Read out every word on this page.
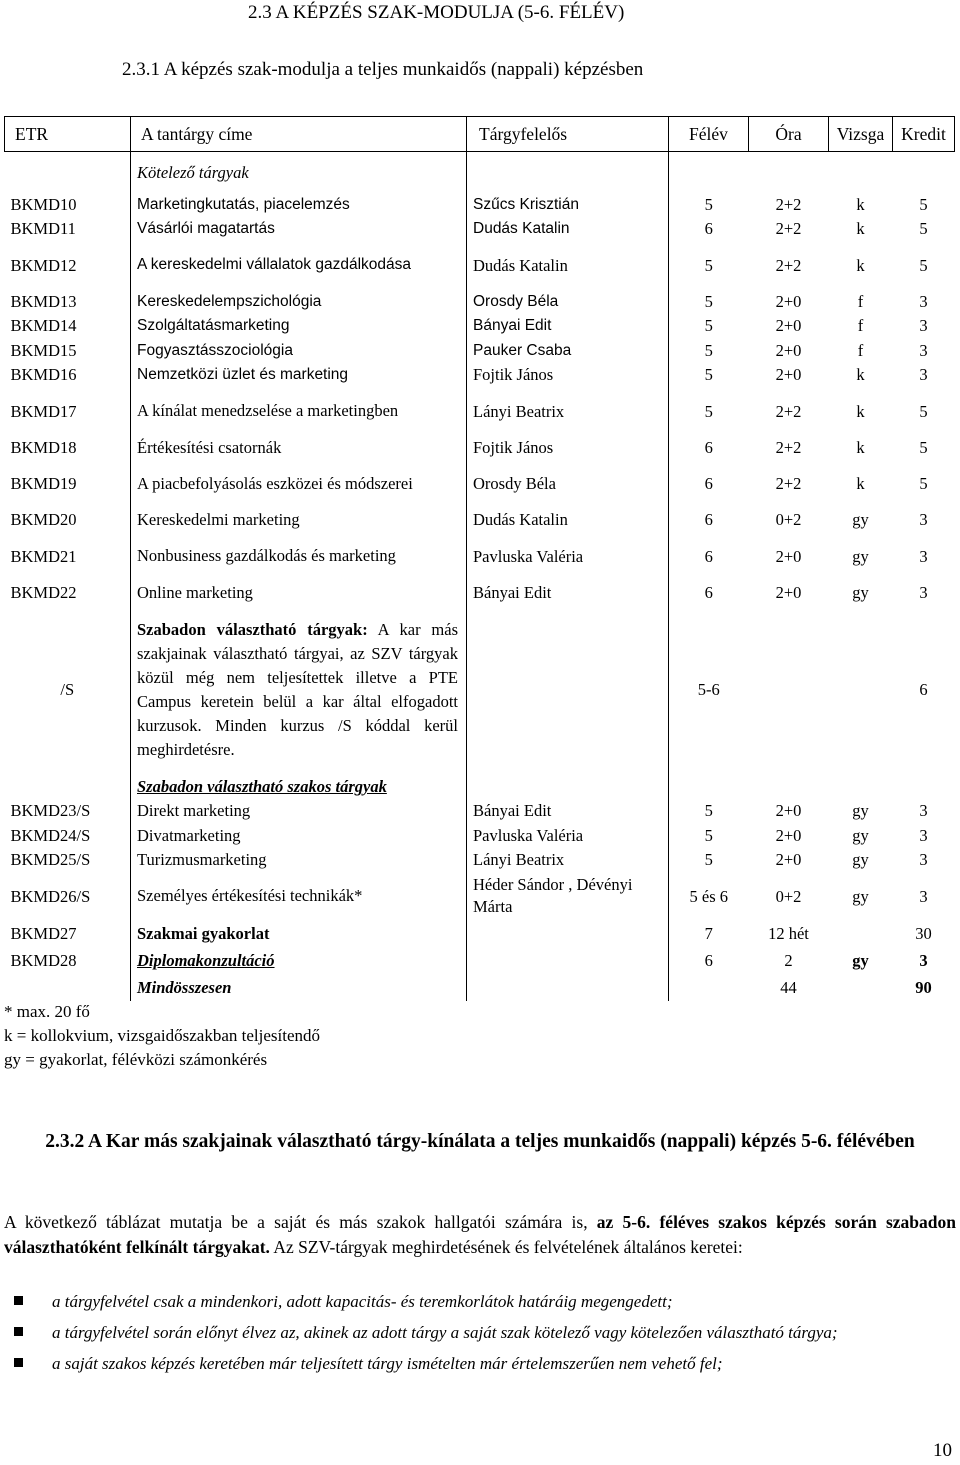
2.3 A KÉPZÉS SZAK-MODULJA (5-6. FÉLÉV)
2.3.1 A képzés szak-modulja a teljes munkaidős (nappali) képzésben
ETR	A tantárgy címe	Tárgyfelelős	Félév	Óra	Vizsga	Kredit
	Kötelező tárgyak					
BKMD10	Marketingkutatás, piacelemzés	Szűcs Krisztián	5	2+2	k	5
BKMD11	Vásárlói magatartás	Dudás Katalin	6	2+2	k	5
BKMD12	A kereskedelmi vállalatok gazdálkodása	Dudás Katalin	5	2+2	k	5
BKMD13	Kereskedelempszichológia	Orosdy Béla	5	2+0	f	3
BKMD14	Szolgáltatásmarketing	Bányai Edit	5	2+0	f	3
BKMD15	Fogyasztásszociológia	Pauker Csaba	5	2+0	f	3
BKMD16	Nemzetközi üzlet és marketing	Fojtik János	5	2+0	k	3
BKMD17	A kínálat menedzselése a marketingben	Lányi Beatrix	5	2+2	k	5
BKMD18	Értékesítési csatornák	Fojtik János	6	2+2	k	5
BKMD19	A piacbefolyásolás eszközei és módszerei	Orosdy Béla	6	2+2	k	5
BKMD20	Kereskedelmi marketing	Dudás Katalin	6	0+2	gy	3
BKMD21	Nonbusiness gazdálkodás és marketing	Pavluska Valéria	6	2+0	gy	3
BKMD22	Online marketing	Bányai Edit	6	2+0	gy	3
/S	Szabadon választható tárgyak: A kar más szakjainak választható tárgyai, az SZV tárgyak közül még nem teljesítettek illetve a PTE Campus keretein belül a kar által elfogadott kurzusok. Minden kurzus /S kóddal kerül meghirdetésre.		5-6			6
	Szabadon választható szakos tárgyak					
BKMD23/S	Direkt marketing	Bányai Edit	5	2+0	gy	3
BKMD24/S	Divatmarketing	Pavluska Valéria	5	2+0	gy	3
BKMD25/S	Turizmusmarketing	Lányi Beatrix	5	2+0	gy	3
BKMD26/S	Személyes értékesítési technikák*	Héder Sándor , Dévényi Márta	5 és 6	0+2	gy	3
BKMD27	Szakmai gyakorlat		7	12 hét		30
BKMD28	Diplomakonzultáció		6	2	gy	3
	Mindösszesen			44		90
* max. 20 fő
k = kollokvium, vizsgaidőszakban teljesítendő
gy = gyakorlat, félévközi számonkérés
2.3.2 A Kar más szakjainak választható tárgy-kínálata a teljes munkaidős (nappali) képzés 5-6. félévében
A következő táblázat mutatja be a saját és más szakok hallgatói számára is, az 5-6. féléves szakos képzés során szabadon választhatóként felkínált tárgyakat. Az SZV-tárgyak meghirdetésének és felvételének általános keretei:
a tárgyfelvétel csak a mindenkori, adott kapacitás- és teremkorlátok határáig megengedett;
a tárgyfelvétel során előnyt élvez az, akinek az adott tárgy a saját szak kötelező vagy kötelezően választható tárgya;
a saját szakos képzés keretében már teljesített tárgy ismételten már értelemszerűen nem vehető fel;
10
